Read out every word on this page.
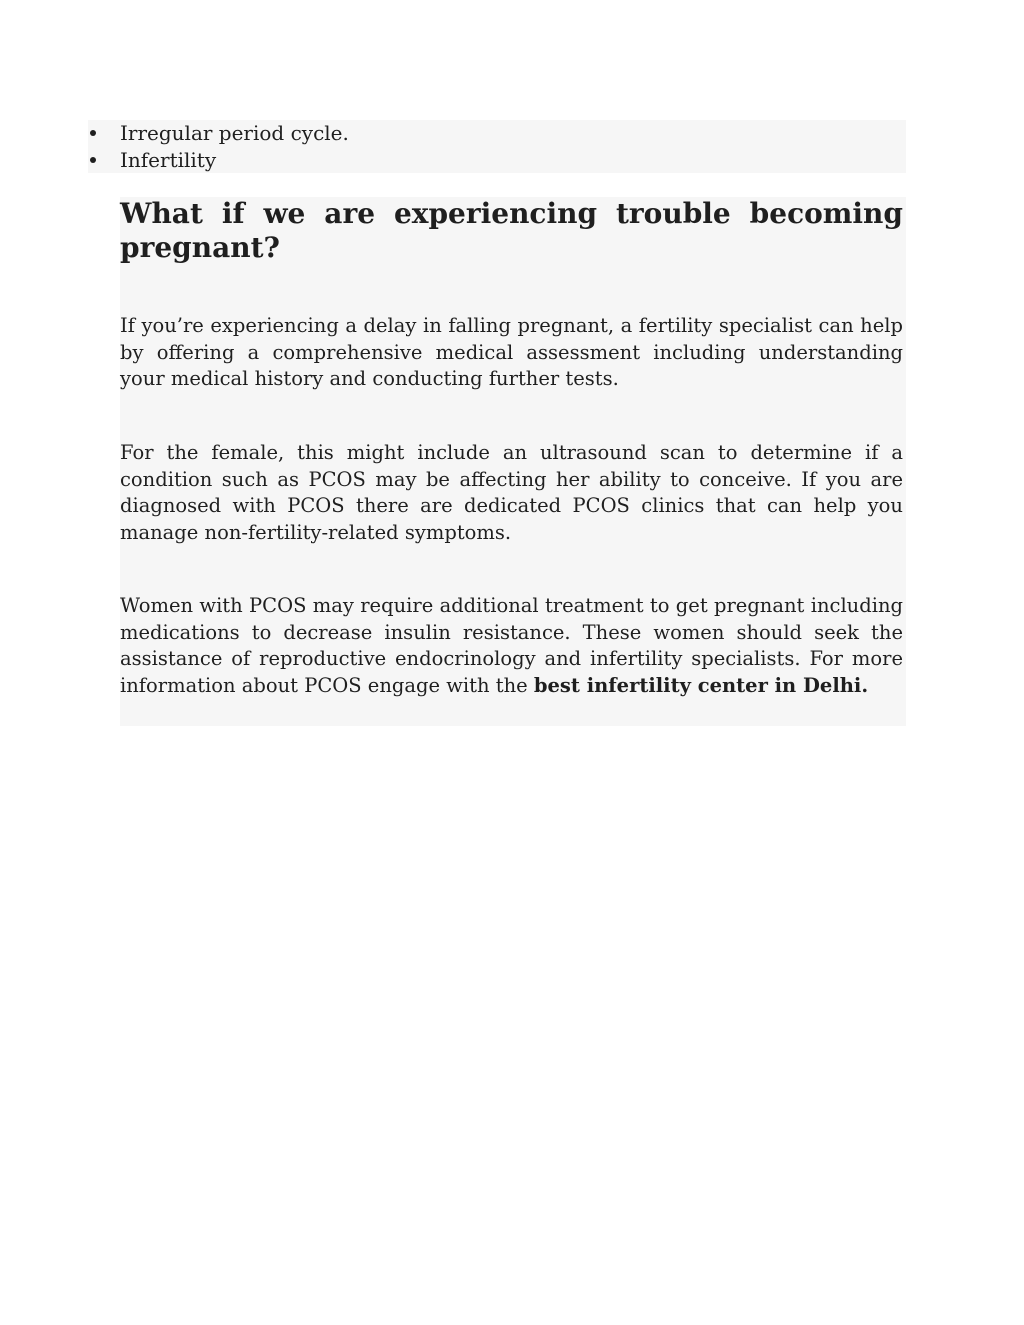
Irregular period cycle.
Infertility
What if we are experiencing trouble becoming pregnant?

If you’re experiencing a delay in falling pregnant, a fertility specialist can help by offering a comprehensive medical assessment including understanding your medical history and conducting further tests.

For the female, this might include an ultrasound scan to determine if a condition such as PCOS may be affecting her ability to conceive. If you are diagnosed with PCOS there are dedicated PCOS clinics that can help you manage non-fertility-related symptoms.

Women with PCOS may require additional treatment to get pregnant including medications to decrease insulin resistance. These women should seek the assistance of reproductive endocrinology and infertility specialists. For more information about PCOS engage with the best infertility center in Delhi.
